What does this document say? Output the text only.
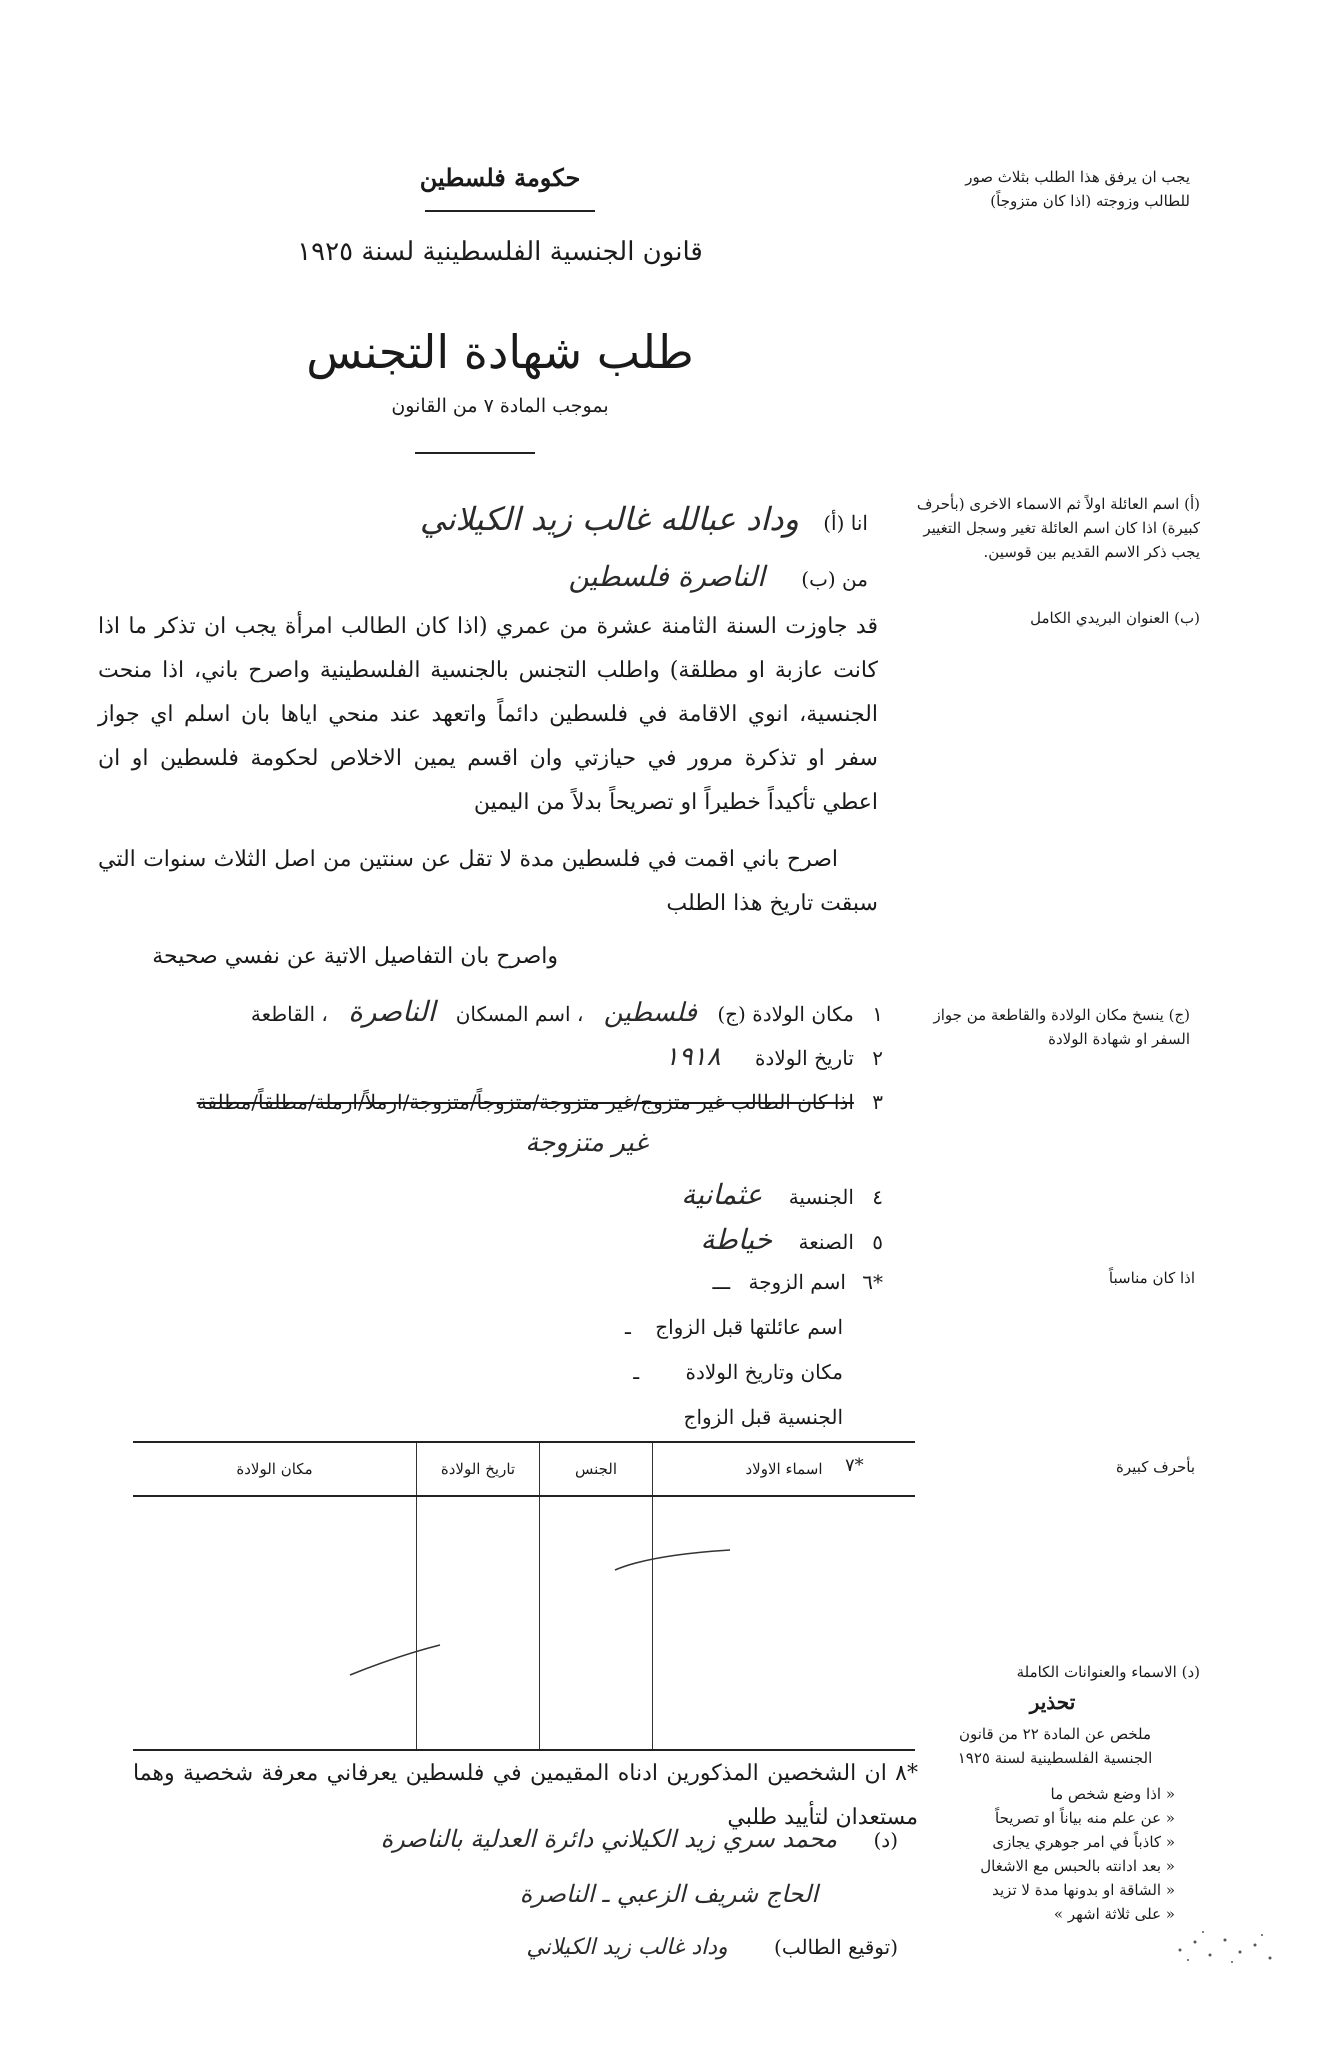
حكومة فلسطين
قانون الجنسية الفلسطينية لسنة ١٩٢٥
طلب شهادة التجنس
بموجب المادة ٧ من القانون
يجب ان يرفق هذا الطلب بثلاث صور للطالب وزوجته (اذا كان متزوجاً)
(أ) اسم العائلة اولاً ثم الاسماء الاخرى (بأحرف كبيرة) اذا كان اسم العائلة تغير وسجل التغيير يجب ذكر الاسم القديم بين قوسين.
(ب) العنوان البريدي الكامل
(ج) ينسخ مكان الولادة والقاطعة من جواز السفر او شهادة الولادة
اذا كان مناسباً
بأحرف كبيرة
(د) الاسماء والعنوانات الكاملة
تحذير
ملخص عن المادة ٢٢ من قانون الجنسية الفلسطينية لسنة ١٩٢٥
« اذا وضع شخص ما
« عن علم منه بياناً او تصريحاً
« كاذباً في امر جوهري يجازى
« بعد ادانته بالحبس مع الاشغال
« الشاقة او بدونها مدة لا تزيد
« على ثلاثة اشهر »
انا (أ) وداد عبالله غالب زيد الكيلاني
من (ب) الناصرة فلسطين
قد جاوزت السنة الثامنة عشرة من عمري (اذا كان الطالب امرأة يجب ان تذكر ما اذا كانت عازبة او مطلقة) واطلب التجنس بالجنسية الفلسطينية واصرح باني، اذا منحت الجنسية، انوي الاقامة في فلسطين دائماً واتعهد عند منحي اياها بان اسلم اي جواز سفر او تذكرة مرور في حيازتي وان اقسم يمين الاخلاص لحكومة فلسطين او ان اعطي تأكيداً خطيراً او تصريحاً بدلاً من اليمين
اصرح باني اقمت في فلسطين مدة لا تقل عن سنتين من اصل الثلاث سنوات التي سبقت تاريخ هذا الطلب
واصرح بان التفاصيل الاتية عن نفسي صحيحة
١ مكان الولادة (ج) فلسطين ، اسم المسكان الناصرة ، القاطعة
٢ تاريخ الولادة ١٩١٨
٣ اذا كان الطالب غير متزوج/غير متزوجة/متزوجاً/متزوجة/ارملاً/ارملة/مطلقاً/مطلقة
غير متزوجة
٤ الجنسية عثمانية
٥ الصنعة خياطة
*٦ اسم الزوجة ـــ
اسم عائلتها قبل الزواج ـ
مكان وتاريخ الولادة ـ
الجنسية قبل الزواج
*٧
اسماء الاولاد	الجنس	تاريخ الولادة	مكان الولادة

*٨ ان الشخصين المذكورين ادناه المقيمين في فلسطين يعرفاني معرفة شخصية وهما مستعدان لتأييد طلبي
(د) محمد سري زيد الكيلاني دائرة العدلية بالناصرة
الحاج شريف الزعبي ـ الناصرة
(توقيع الطالب) وداد غالب زيد الكيلاني
